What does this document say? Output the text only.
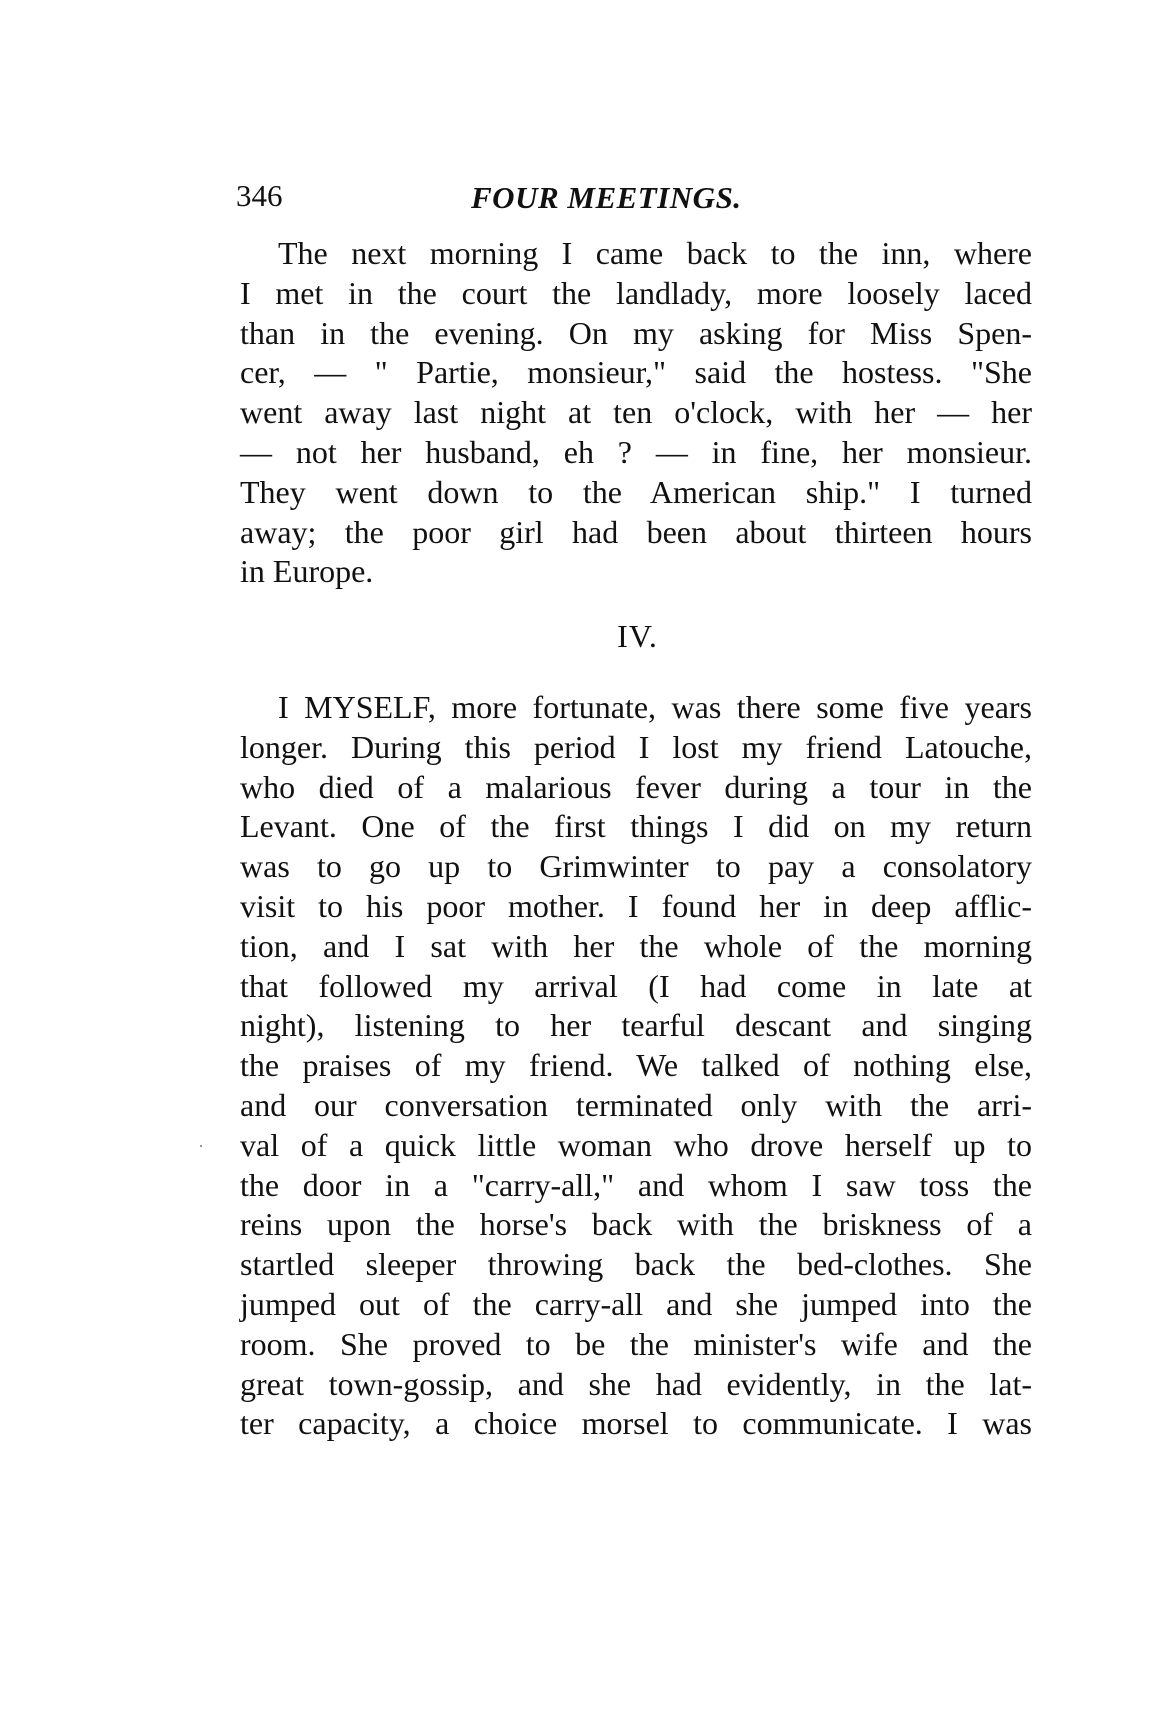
346	FOUR MEETINGS.
The next morning I came back to the inn, where
I met in the court the landlady, more loosely laced
than in the evening. On my asking for Miss Spen-
cer, — " Partie, monsieur," said the hostess. "She
went away last night at ten o'clock, with her — her
— not her husband, eh ? — in fine, her monsieur.
They went down to the American ship." I turned
away; the poor girl had been about thirteen hours
in Europe.
IV.
I MYSELF, more fortunate, was there some five years
longer. During this period I lost my friend Latouche,
who died of a malarious fever during a tour in the
Levant. One of the first things I did on my return
was to go up to Grimwinter to pay a consolatory
visit to his poor mother. I found her in deep afflic-
tion, and I sat with her the whole of the morning
that followed my arrival (I had come in late at
night), listening to her tearful descant and singing
the praises of my friend. We talked of nothing else,
and our conversation terminated only with the arri-
val of a quick little woman who drove herself up to
the door in a "carry-all," and whom I saw toss the
reins upon the horse's back with the briskness of a
startled sleeper throwing back the bed-clothes. She
jumped out of the carry-all and she jumped into the
room. She proved to be the minister's wife and the
great town-gossip, and she had evidently, in the lat-
ter capacity, a choice morsel to communicate. I was
